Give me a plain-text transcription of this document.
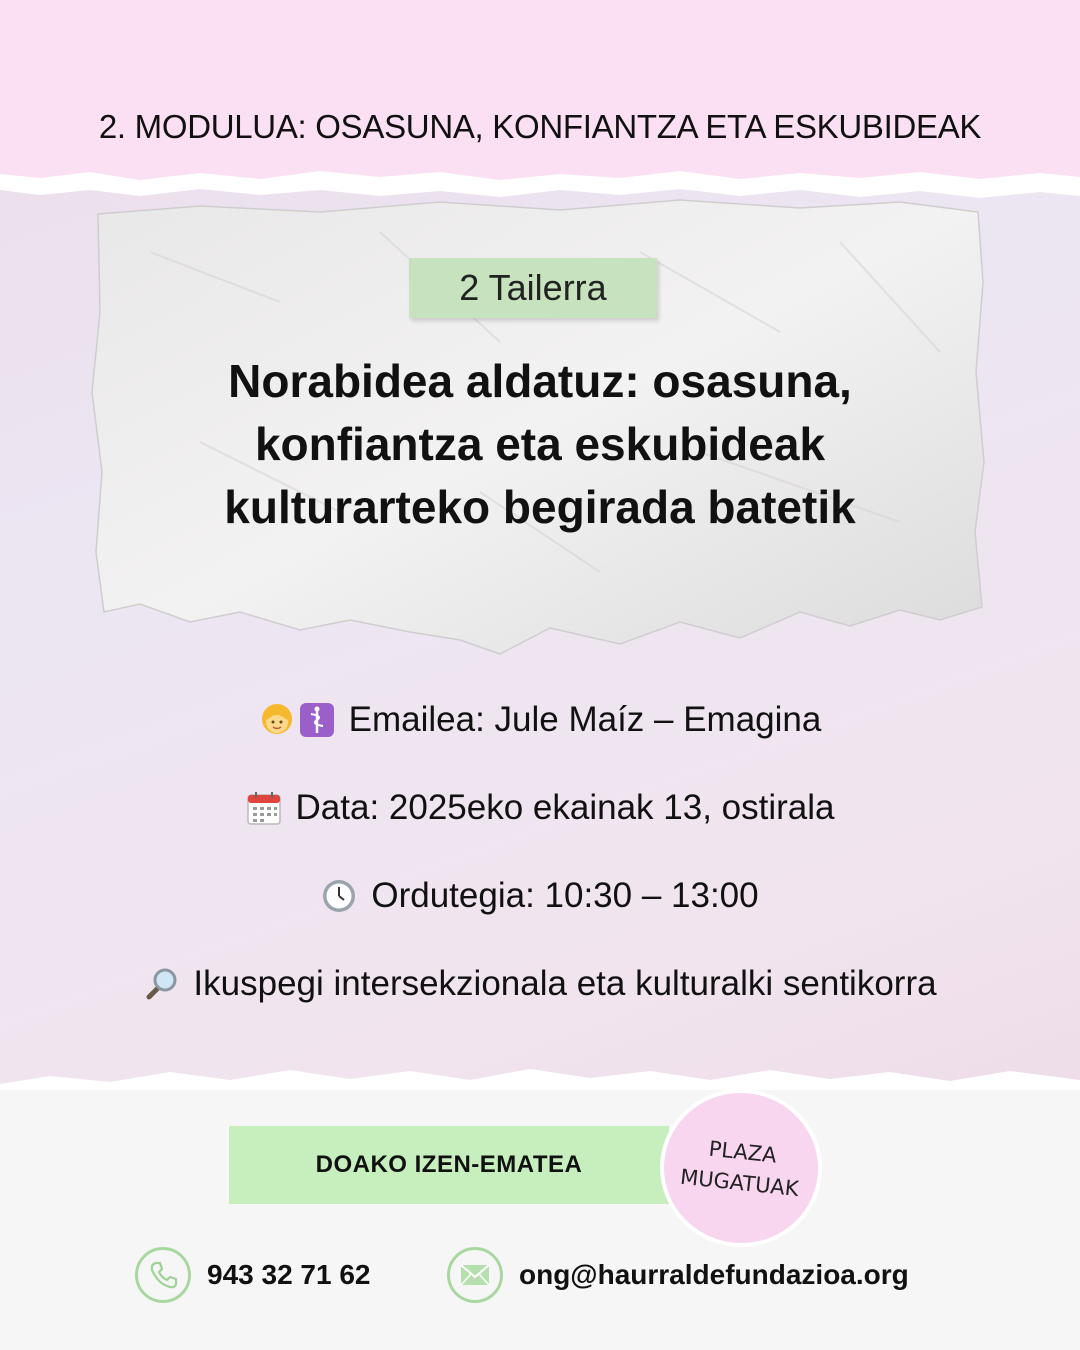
2. MODULUA: OSASUNA, KONFIANTZA ETA ESKUBIDEAK
2 Tailerra
Norabidea aldatuz: osasuna,
konfiantza eta eskubideak
kulturarteko begirada batetik
Emailea: Jule Maíz – Emagina
Data: 2025eko ekainak 13, ostirala
Ordutegia: 10:30 – 13:00
Ikuspegi intersekzionala eta kulturalki sentikorra
DOAKO IZEN-EMATEA	PLAZA
MUGATUAK
943 32 71 62	ong@haurraldefundazioa.org
